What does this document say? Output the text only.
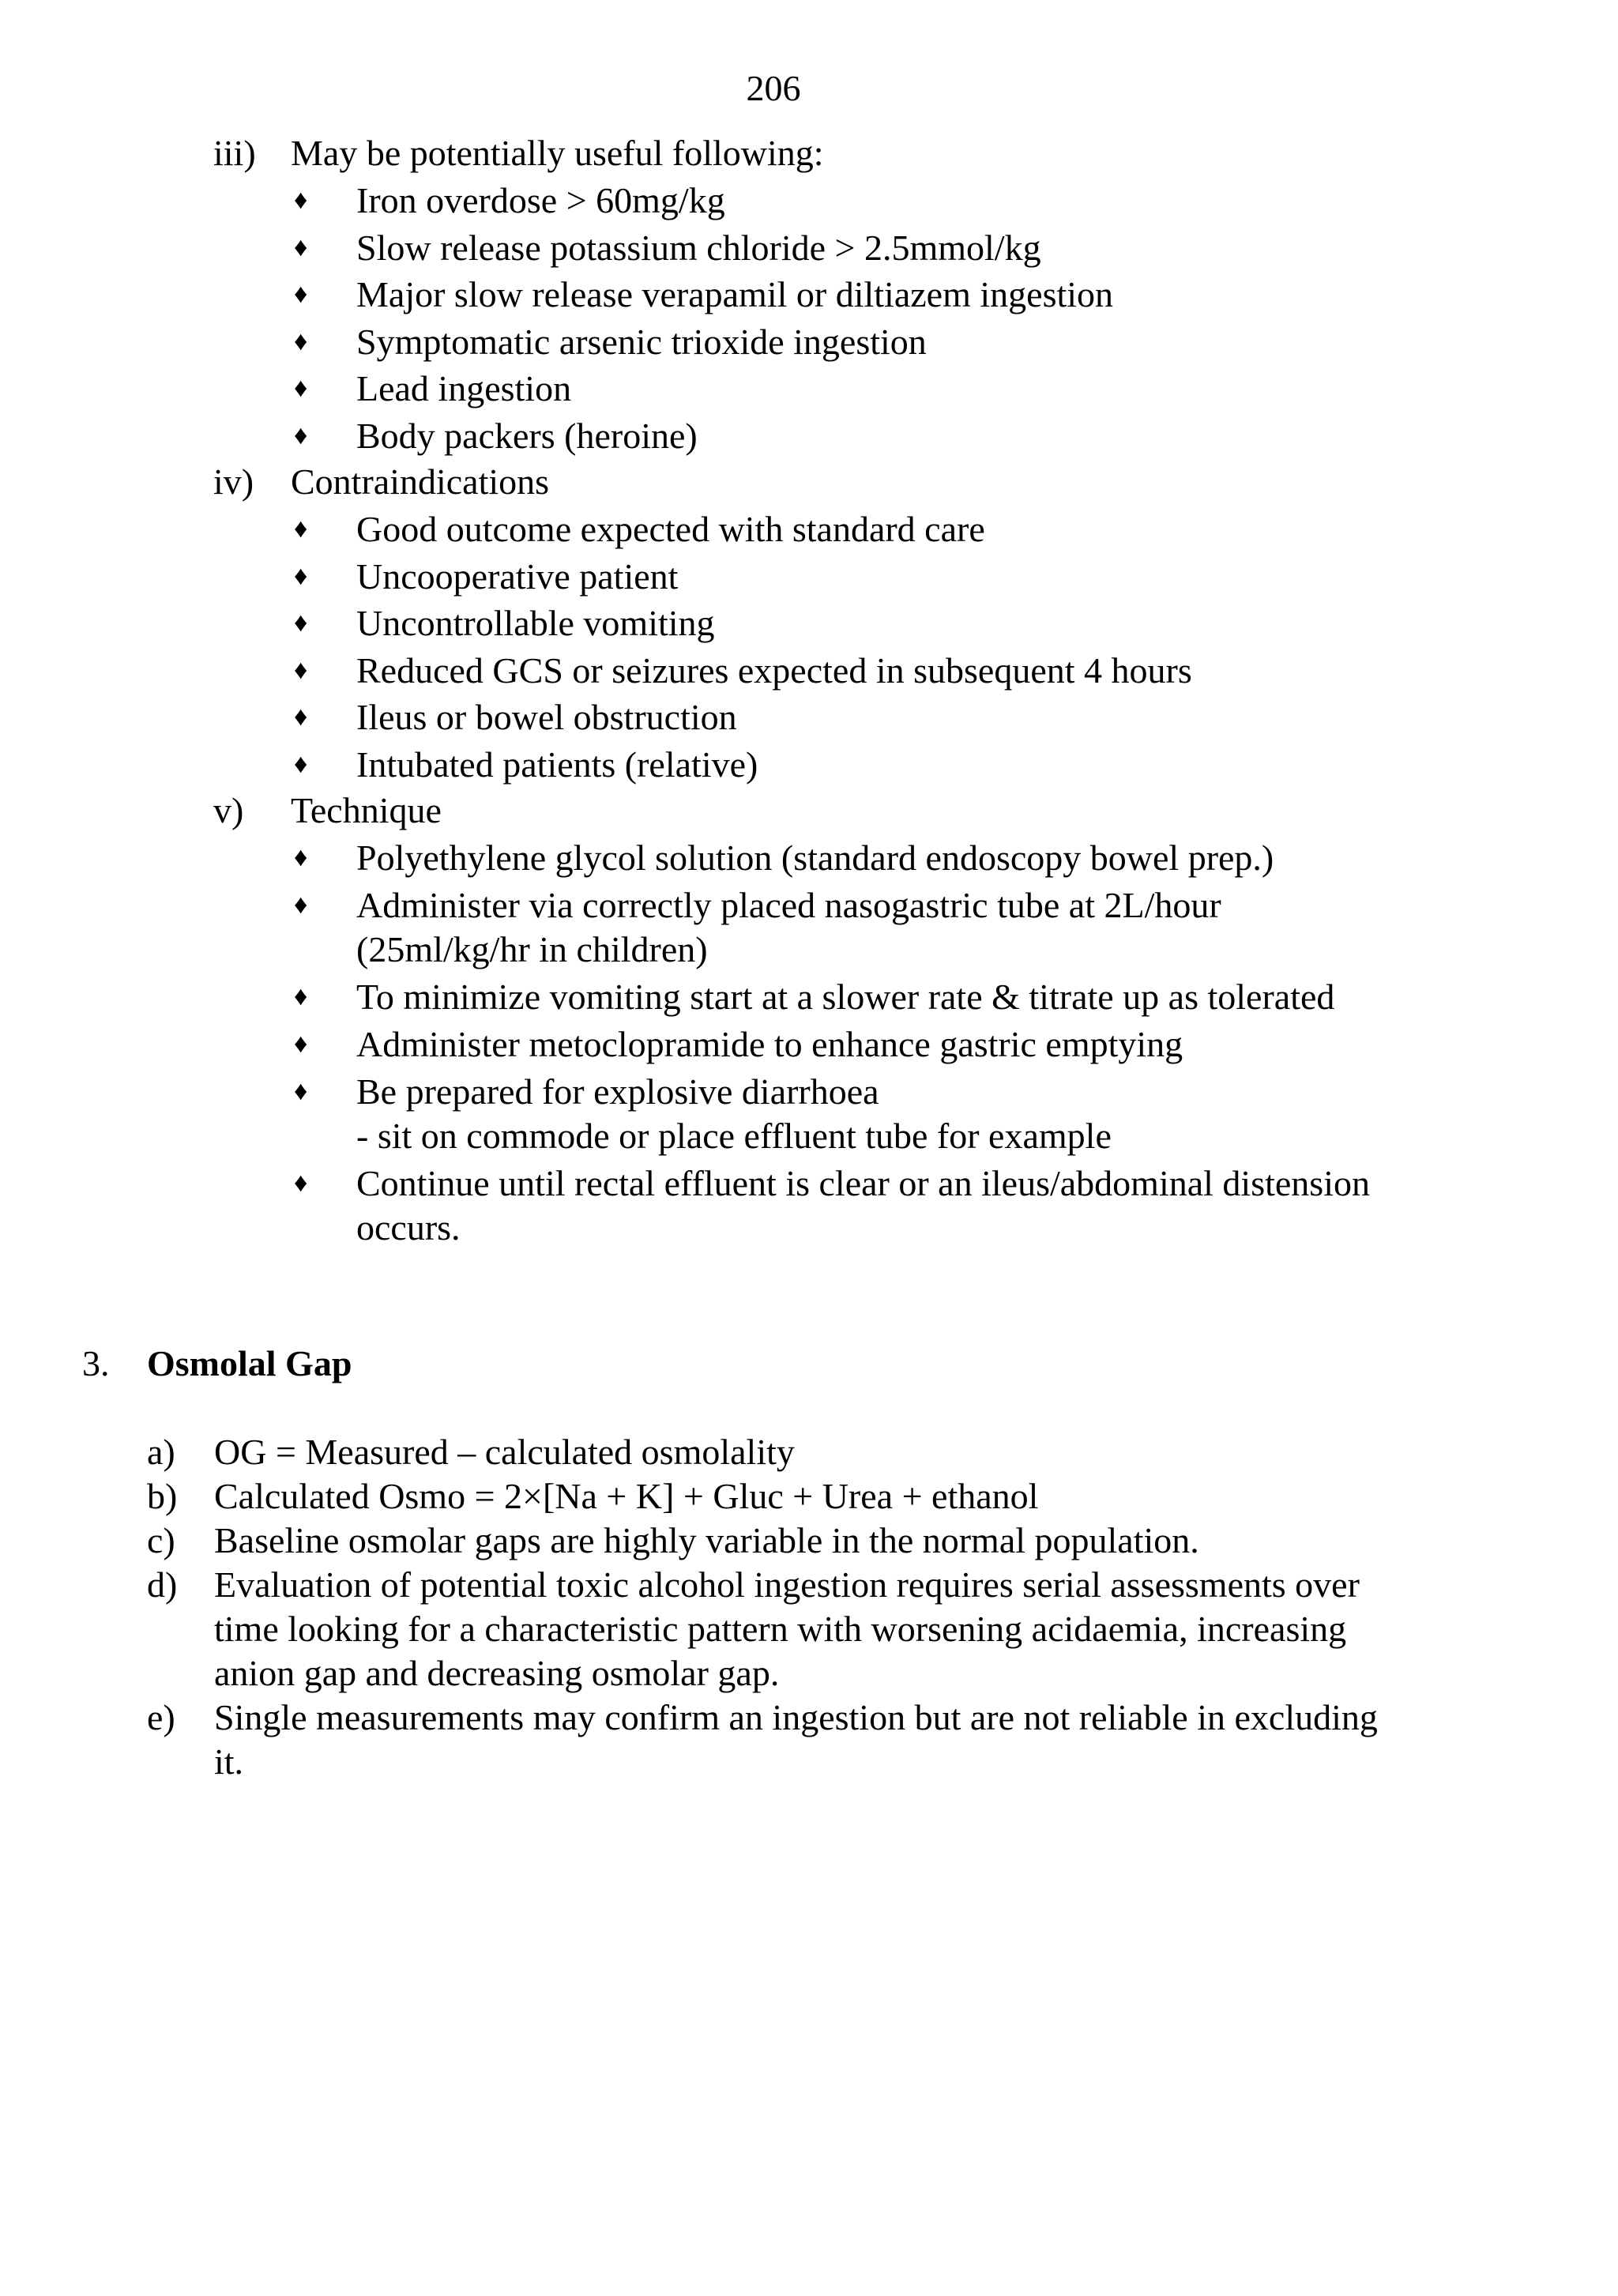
206
iii) May be potentially useful following:
♦ Iron overdose > 60mg/kg
♦ Slow release potassium chloride > 2.5mmol/kg
♦ Major slow release verapamil or diltiazem ingestion
♦ Symptomatic arsenic trioxide ingestion
♦ Lead ingestion
♦ Body packers (heroine)
iv)	Contraindications
♦ Good outcome expected with standard care
♦ Uncooperative patient
♦ Uncontrollable vomiting
♦ Reduced GCS or seizures expected in subsequent 4 hours
♦ Ileus or bowel obstruction
♦ Intubated patients (relative)
v)	Technique
♦ Polyethylene glycol solution (standard endoscopy bowel prep.)
♦ Administer via correctly placed nasogastric tube at 2L/hour
(25ml/kg/hr in children)
♦ To minimize vomiting start at a slower rate & titrate up as tolerated
♦ Administer metoclopramide to enhance gastric emptying
♦ Be prepared for explosive diarrhoea
- sit on commode or place effluent tube for example
♦ Continue until rectal effluent is clear or an ileus/abdominal distension
occurs.
3. Osmolal Gap
a) OG = Measured – calculated osmolality
b) Calculated Osmo = 2×[Na + K] + Gluc + Urea + ethanol
c) Baseline osmolar gaps are highly variable in the normal population.
d) Evaluation of potential toxic alcohol ingestion requires serial assessments over
time looking for a characteristic pattern with worsening acidaemia, increasing
anion gap and decreasing osmolar gap.
e) Single measurements may confirm an ingestion but are not reliable in excluding
it.
